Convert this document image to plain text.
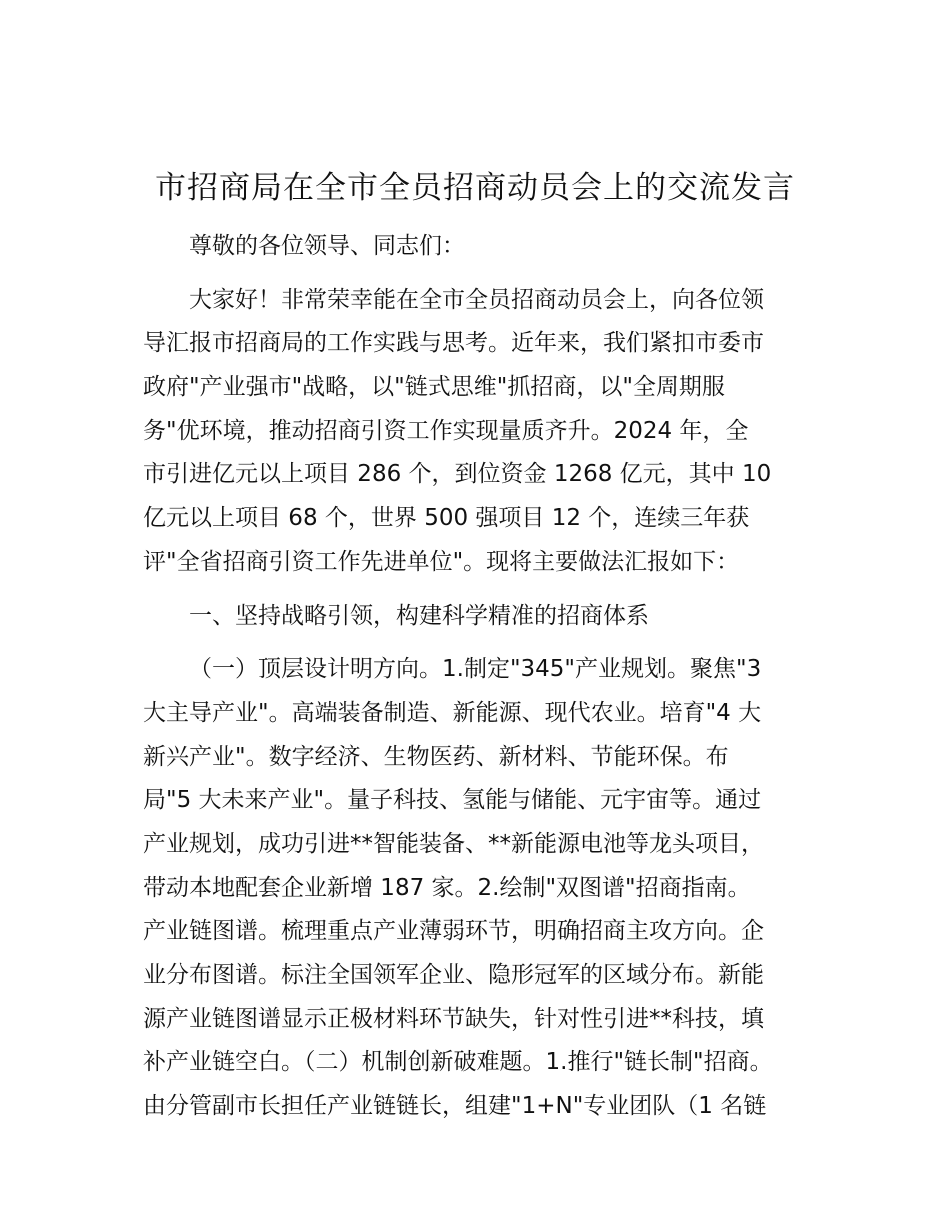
市招商局在全市全员招商动员会上的交流发言
尊敬的各位领导、同志们：
大家好！非常荣幸能在全市全员招商动员会上，向各位领
导汇报市招商局的工作实践与思考。近年来，我们紧扣市委市
政府"产业强市"战略，以"链式思维"抓招商，以"全周期服
务"优环境，推动招商引资工作实现量质齐升。2024 年，全
市引进亿元以上项目 286 个，到位资金 1268 亿元，其中 10
亿元以上项目 68 个，世界 500 强项目 12 个，连续三年获
评"全省招商引资工作先进单位"。现将主要做法汇报如下：
一、坚持战略引领，构建科学精准的招商体系
（一）顶层设计明方向。1.制定"345"产业规划。聚焦"3
大主导产业"。高端装备制造、新能源、现代农业。培育"4 大
新兴产业"。数字经济、生物医药、新材料、节能环保。布
局"5 大未来产业"。量子科技、氢能与储能、元宇宙等。通过
产业规划，成功引进**智能装备、**新能源电池等龙头项目，
带动本地配套企业新增 187 家。2.绘制"双图谱"招商指南。
产业链图谱。梳理重点产业薄弱环节，明确招商主攻方向。企
业分布图谱。标注全国领军企业、隐形冠军的区域分布。新能
源产业链图谱显示正极材料环节缺失，针对性引进**科技，填
补产业链空白。（二）机制创新破难题。1.推行"链长制"招商。
由分管副市长担任产业链链长，组建"1+N"专业团队（1 名链
